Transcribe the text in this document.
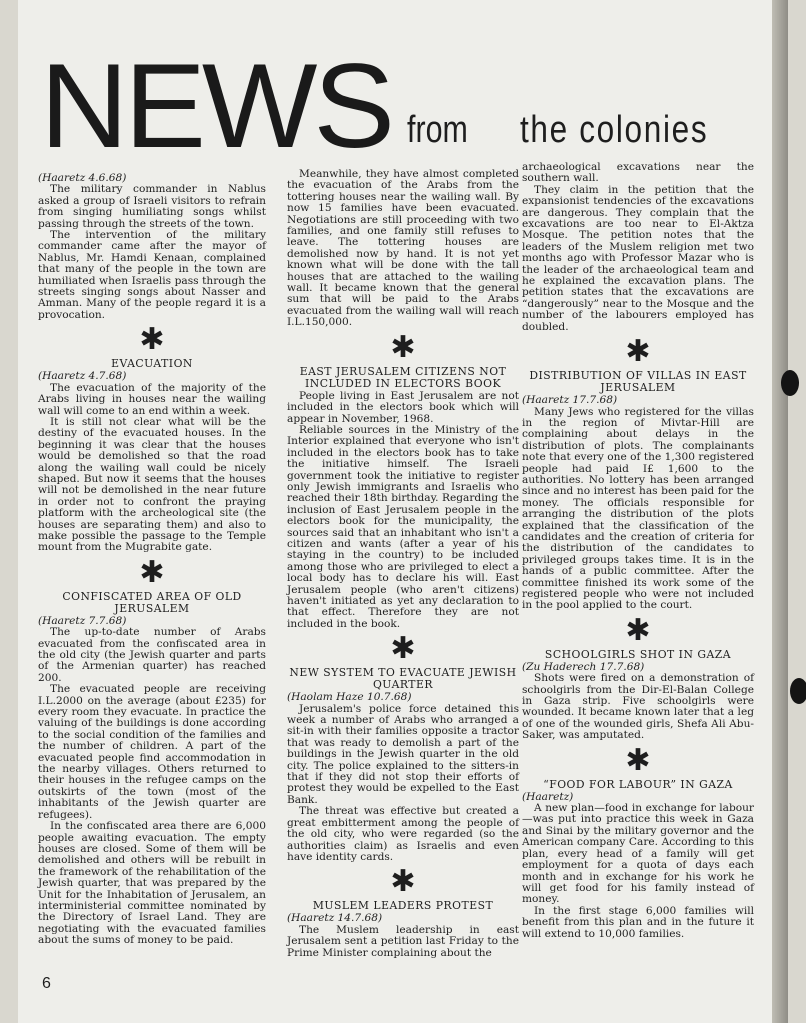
NEWS from the colonies
(Haaretz 4.6.68)

The military commander in Nablus asked a group of Israeli visitors to refrain from singing humiliating songs whilst passing through the streets of the town.

The intervention of the military commander came after the mayor of Nablus, Mr. Hamdi Kenaan, complained that many of the people in the town are humiliated when Israelis pass through the streets singing songs about Nasser and Amman. Many of the people regard it is a provocation.

✱
EVACUATION
(Haaretz 4.7.68)

The evacuation of the majority of the Arabs living in houses near the wailing wall will come to an end within a week.

It is still not clear what will be the destiny of the evacuated houses. In the beginning it was clear that the houses would be demolished so that the road along the wailing wall could be nicely shaped. But now it seems that the houses will not be demolished in the near future in order not to confront the praying platform with the archeological site (the houses are separating them) and also to make possible the passage to the Temple mount from the Mugrabite gate.

✱
CONFISCATED AREA OF OLD JERUSALEM
(Haaretz 7.7.68)

The up-to-date number of Arabs evacuated from the confiscated area in the old city (the Jewish quarter and parts of the Armenian quarter) has reached 200.

The evacuated people are receiving I.L.2000 on the average (about £235) for every room they evacuate. In practice the valuing of the buildings is done according to the social condition of the families and the number of children. A part of the evacuated people find accommodation in the nearby villages. Others returned to their houses in the refugee camps on the outskirts of the town (most of the inhabitants of the Jewish quarter are refugees).

In the confiscated area there are 6,000 people awaiting evacuation. The empty houses are closed. Some of them will be demolished and others will be rebuilt in the framework of the rehabilitation of the Jewish quarter, that was prepared by the Unit for the Inhabitation of Jerusalem, an interministerial committee nominated by the Directory of Israel Land. They are negotiating with the evacuated families about the sums of money to be paid.

Meanwhile, they have almost completed the evacuation of the Arabs from the tottering houses near the wailing wall. By now 15 families have been evacuated. Negotiations are still proceeding with two families, and one family still refuses to leave. The tottering houses are demolished now by hand. It is not yet known what will be done with the tall houses that are attached to the wailing wall. It became known that the general sum that will be paid to the Arabs evacuated from the wailing wall will reach I.L.150,000.

✱
EAST JERUSALEM CITIZENS NOT INCLUDED IN ELECTORS BOOK

People living in East Jerusalem are not included in the electors book which will appear in November, 1968.

Reliable sources in the Ministry of the Interior explained that everyone who isn't included in the electors book has to take the initiative himself. The Israeli government took the initiative to register only Jewish immigrants and Israelis who reached their 18th birthday. Regarding the inclusion of East Jerusalem people in the electors book for the municipality, the sources said that an inhabitant who isn't a citizen and wants (after a year of his staying in the country) to be included among those who are privileged to elect a local body has to declare his will. East Jerusalem people (who aren't citizens) haven't initiated as yet any declaration to that effect. Therefore they are not included in the book.

✱
NEW SYSTEM TO EVACUATE JEWISH QUARTER
(Haolam Haze 10.7.68)

Jerusalem's police force detained this week a number of Arabs who arranged a sit-in with their families opposite a tractor that was ready to demolish a part of the buildings in the Jewish quarter in the old city. The police explained to the sitters-in that if they did not stop their efforts of protest they would be expelled to the East Bank.

The threat was effective but created a great embitterment among the people of the old city, who were regarded (so the authorities claim) as Israelis and even have identity cards.

✱
MUSLEM LEADERS PROTEST
(Haaretz 14.7.68)

The Muslem leadership in east Jerusalem sent a petition last Friday to the Prime Minister complaining about the

archaeological excavations near the southern wall.

They claim in the petition that the expansionist tendencies of the excavations are dangerous. They complain that the excavations are too near to El-Aktza Mosque. The petition notes that the leaders of the Muslem religion met two months ago with Professor Mazar who is the leader of the archaeological team and he explained the excavation plans. The petition states that the excavations are “dangerously” near to the Mosque and the number of the labourers employed has doubled.

✱
DISTRIBUTION OF VILLAS IN EAST JERUSALEM
(Haaretz 17.7.68)

Many Jews who registered for the villas in the region of Mivtar-Hill are complaining about delays in the distribution of plots. The complainants note that every one of the 1,300 registered people had paid I£ 1,600 to the authorities. No lottery has been arranged since and no interest has been paid for the money. The officials responsible for arranging the distribution of the plots explained that the classification of the candidates and the creation of criteria for the distribution of the candidates to privileged groups takes time. It is in the hands of a public committee. After the committee finished its work some of the registered people who were not included in the pool applied to the court.

✱
SCHOOLGIRLS SHOT IN GAZA
(Zu Haderech 17.7.68)

Shots were fired on a demonstration of schoolgirls from the Dir-El-Balan College in Gaza strip. Five schoolgirls were wounded. It became known later that a leg of one of the wounded girls, Shefa Ali Abu-Saker, was amputated.

✱
“FOOD FOR LABOUR” IN GAZA
(Haaretz)

A new plan—food in exchange for labour—was put into practice this week in Gaza and Sinai by the military governor and the American company Care. According to this plan, every head of a family will get employment for a quota of days each month and in exchange for his work he will get food for his family instead of money.

In the first stage 6,000 families will benefit from this plan and in the future it will extend to 10,000 families.

6
